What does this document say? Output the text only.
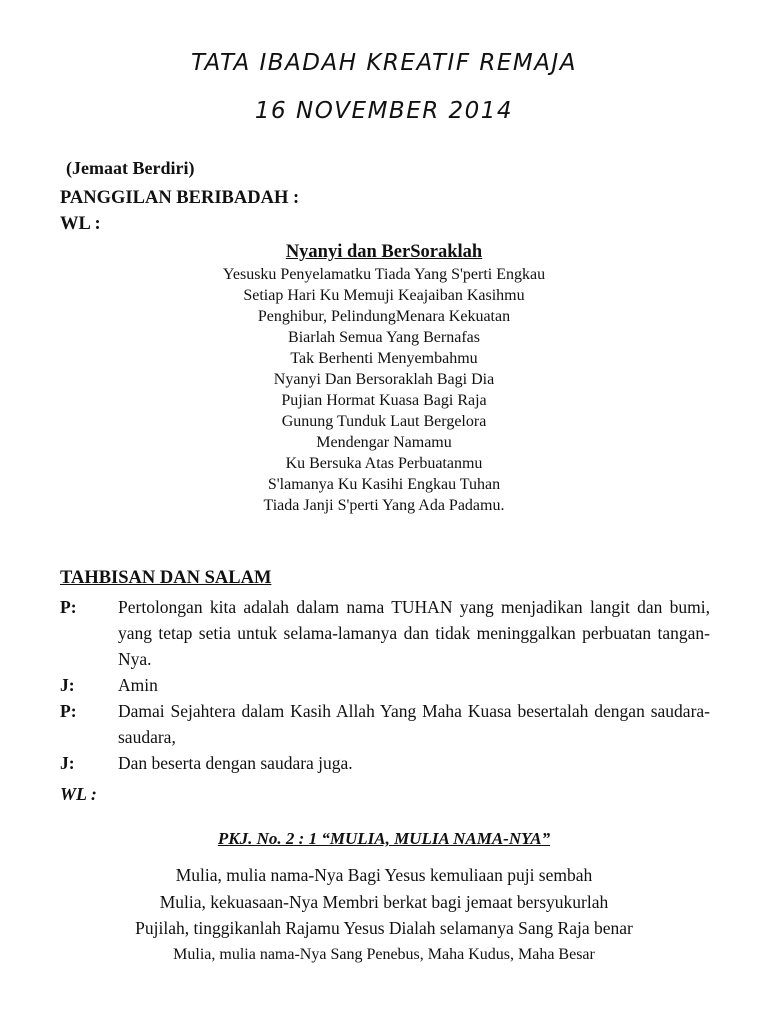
TATA IBADAH KREATIF REMAJA
16 NOVEMBER 2014
(Jemaat Berdiri)
PANGGILAN BERIBADAH :
WL :
Nyanyi dan BerSoraklah
Yesusku Penyelamatku Tiada Yang S'perti Engkau
Setiap Hari Ku Memuji Keajaiban Kasihmu
Penghibur, PelindungMenara Kekuatan
Biarlah Semua Yang Bernafas
Tak Berhenti Menyembahmu
Nyanyi Dan Bersoraklah Bagi Dia
Pujian Hormat Kuasa Bagi Raja
Gunung Tunduk Laut Bergelora
Mendengar Namamu
Ku Bersuka Atas Perbuatanmu
S'lamanya Ku Kasihi Engkau Tuhan
Tiada Janji S'perti Yang Ada Padamu.
TAHBISAN DAN SALAM
P:	Pertolongan kita adalah dalam nama TUHAN yang menjadikan langit dan bumi, yang tetap setia untuk selama-lamanya dan tidak meninggalkan perbuatan tangan-Nya.
J:	Amin
P:	Damai Sejahtera dalam Kasih Allah Yang Maha Kuasa besertalah dengan saudara-saudara,
J:	Dan beserta dengan saudara juga.
WL :
PKJ. No. 2 : 1 “MULIA, MULIA NAMA-NYA”
Mulia, mulia nama-Nya Bagi Yesus kemuliaan puji sembah
Mulia, kekuasaan-Nya Membri berkat bagi jemaat bersyukurlah
Pujilah, tinggikanlah Rajamu Yesus Dialah selamanya Sang Raja benar
Mulia, mulia nama-Nya Sang Penebus, Maha Kudus, Maha Besar
